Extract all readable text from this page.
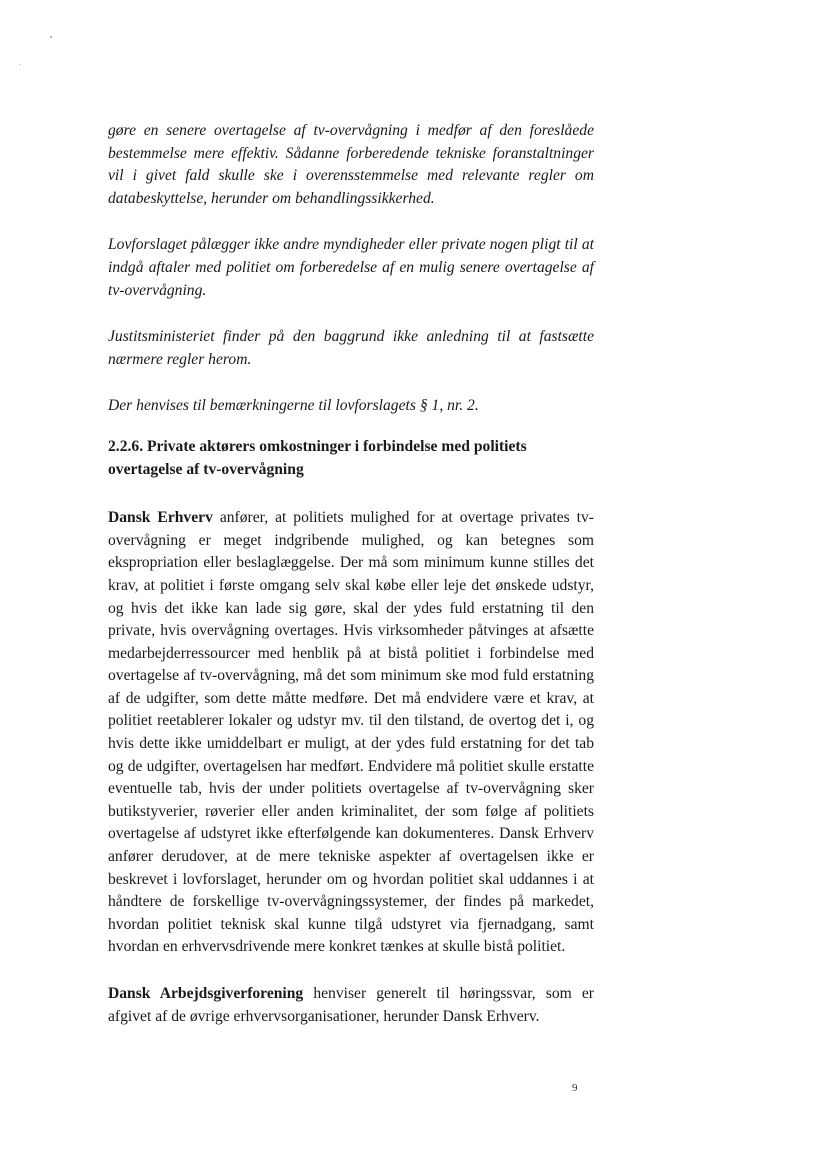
gøre en senere overtagelse af tv-overvågning i medfør af den foreslåede bestemmelse mere effektiv. Sådanne forberedende tekniske foranstaltninger vil i givet fald skulle ske i overensstemmelse med relevante regler om databeskyttelse, herunder om behandlingssikkerhed.

Lovforslaget pålægger ikke andre myndigheder eller private nogen pligt til at indgå aftaler med politiet om forberedelse af en mulig senere overtagelse af tv-overvågning.

Justitsministeriet finder på den baggrund ikke anledning til at fastsætte nærmere regler herom.

Der henvises til bemærkningerne til lovforslagets § 1, nr. 2.

2.2.6. Private aktørers omkostninger i forbindelse med politiets overtagelse af tv-overvågning

Dansk Erhverv anfører, at politiets mulighed for at overtage privates tv-overvågning er meget indgribende mulighed, og kan betegnes som ekspropriation eller beslaglæggelse. Der må som minimum kunne stilles det krav, at politiet i første omgang selv skal købe eller leje det ønskede udstyr, og hvis det ikke kan lade sig gøre, skal der ydes fuld erstatning til den private, hvis overvågning overtages. Hvis virksomheder påtvinges at afsætte medarbejderressourcer med henblik på at bistå politiet i forbindelse med overtagelse af tv-overvågning, må det som minimum ske mod fuld erstatning af de udgifter, som dette måtte medføre. Det må endvidere være et krav, at politiet reetablerer lokaler og udstyr mv. til den tilstand, de overtog det i, og hvis dette ikke umiddelbart er muligt, at der ydes fuld erstatning for det tab og de udgifter, overtagelsen har medført. Endvidere må politiet skulle erstatte eventuelle tab, hvis der under politiets overtagelse af tv-overvågning sker butikstyverier, røverier eller anden kriminalitet, der som følge af politiets overtagelse af udstyret ikke efterfølgende kan dokumenteres. Dansk Erhverv anfører derudover, at de mere tekniske aspekter af overtagelsen ikke er beskrevet i lovforslaget, herunder om og hvordan politiet skal uddannes i at håndtere de forskellige tv-overvågningssystemer, der findes på markedet, hvordan politiet teknisk skal kunne tilgå udstyret via fjernadgang, samt hvordan en erhvervsdrivende mere konkret tænkes at skulle bistå politiet.

Dansk Arbejdsgiverforening henviser generelt til høringssvar, som er afgivet af de øvrige erhvervsorganisationer, herunder Dansk Erhverv.

9
